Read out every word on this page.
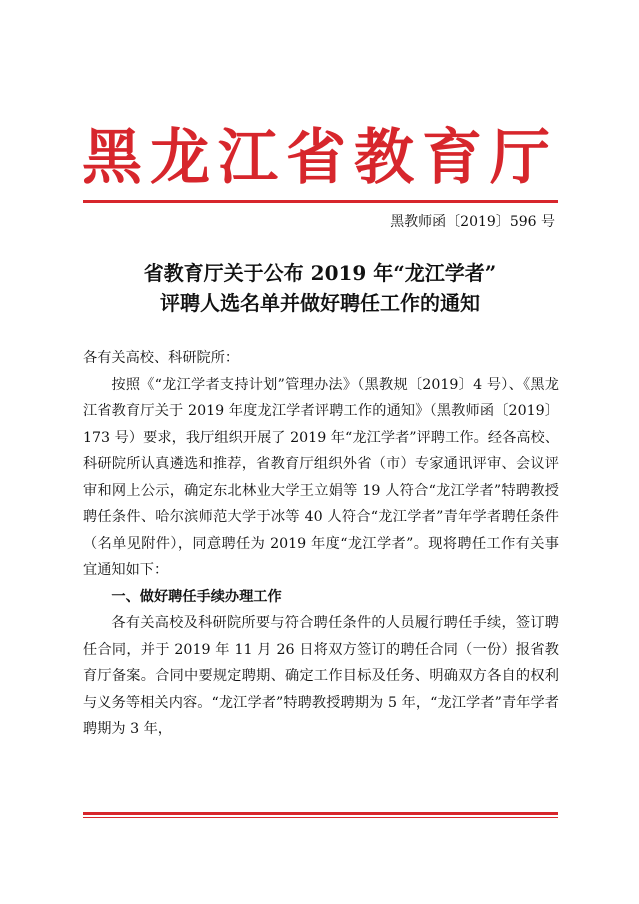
黑龙江省教育厅
黑教师函〔2019〕596 号
省教育厅关于公布 2019 年“龙江学者”
评聘人选名单并做好聘任工作的通知

各有关高校、科研院所：

按照《“龙江学者支持计划”管理办法》（黑教规〔2019〕4 号）、《黑龙江省教育厅关于 2019 年度龙江学者评聘工作的通知》（黑教师函〔2019〕173 号）要求，我厅组织开展了 2019 年“龙江学者”评聘工作。经各高校、科研院所认真遴选和推荐，省教育厅组织外省（市）专家通讯评审、会议评审和网上公示，确定东北林业大学王立娟等 19 人符合“龙江学者”特聘教授聘任条件、哈尔滨师范大学于冰等 40 人符合“龙江学者”青年学者聘任条件（名单见附件），同意聘任为 2019 年度“龙江学者”。现将聘任工作有关事宜通知如下：

一、做好聘任手续办理工作

各有关高校及科研院所要与符合聘任条件的人员履行聘任手续，签订聘任合同，并于 2019 年 11 月 26 日将双方签订的聘任合同（一份）报省教育厅备案。合同中要规定聘期、确定工作目标及任务、明确双方各自的权利与义务等相关内容。“龙江学者”特聘教授聘期为 5 年，“龙江学者”青年学者聘期为 3 年，
